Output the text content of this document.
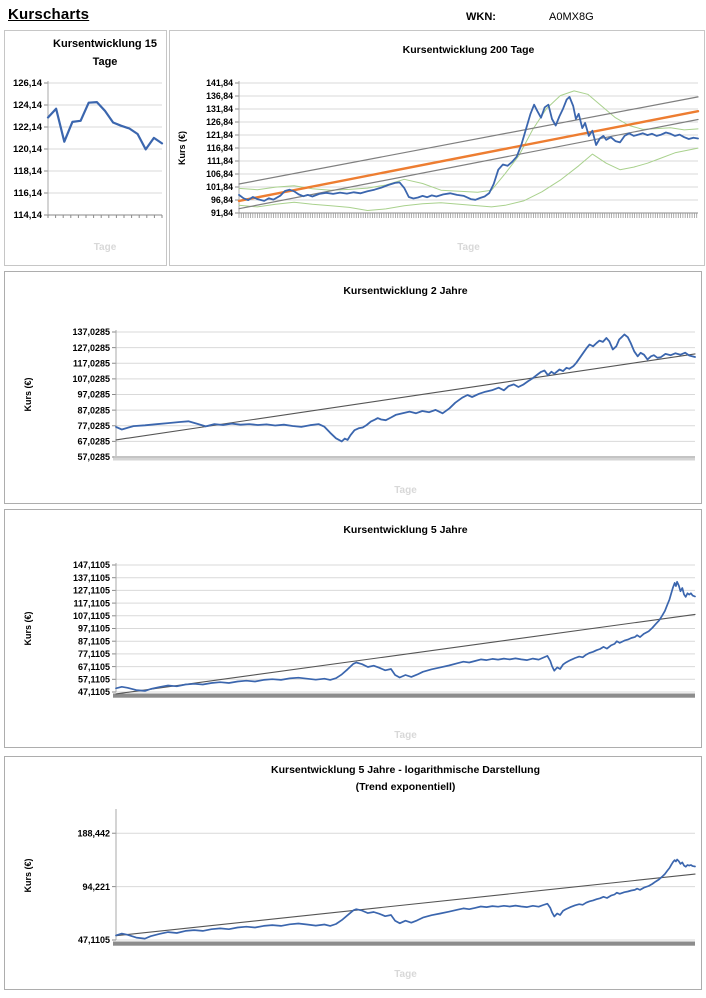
Kurscharts	WKN:	A0MX8G
126,14
124,14
122,14
120,14
118,14
116,14
114,14
Kursentwicklung 15
Tage
Tage
141,84
136,84
131,84
126,84
121,84
116,84
111,84
106,84
101,84
96,84
91,84
Kursentwicklung 200 Tage
Kurs (€)
Tage
137,0285
127,0285
117,0285
107,0285
97,0285
87,0285
77,0285
67,0285
57,0285
Kursentwicklung 2 Jahre
Kurs (€)
Tage
147,1105
137,1105
127,1105
117,1105
107,1105
97,1105
87,1105
77,1105
67,1105
57,1105
47,1105
Kursentwicklung 5 Jahre
Kurs (€)
Tage
188,442
94,221
47,1105
Kursentwicklung 5 Jahre - logarithmische Darstellung
(Trend exponentiell)
Kurs (€)
Tage
